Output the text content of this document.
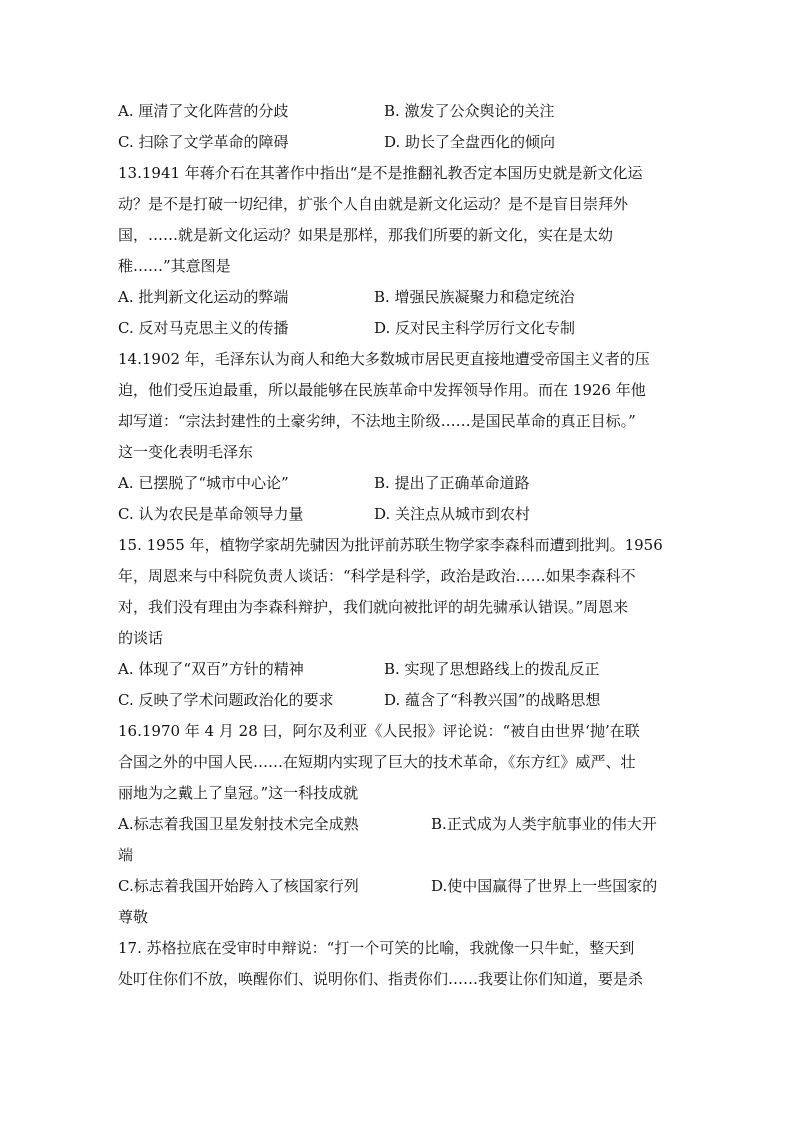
A. 厘清了文化阵营的分歧	B. 激发了公众舆论的关注
C. 扫除了文学革命的障碍	D. 助长了全盘西化的倾向
13.1941 年蒋介石在其著作中指出“是不是推翻礼教否定本国历史就是新文化运
动？是不是打破一切纪律，扩张个人自由就是新文化运动？是不是盲目崇拜外
国，……就是新文化运动？如果是那样，那我们所要的新文化，实在是太幼
稚……”其意图是
A. 批判新文化运动的弊端	B. 增强民族凝聚力和稳定统治
C. 反对马克思主义的传播	D. 反对民主科学厉行文化专制
14.1902 年，毛泽东认为商人和绝大多数城市居民更直接地遭受帝国主义者的压
迫，他们受压迫最重，所以最能够在民族革命中发挥领导作用。而在 1926 年他
却写道：“宗法封建性的土豪劣绅，不法地主阶级……是国民革命的真正目标。”
这一变化表明毛泽东
A. 已摆脱了“城市中心论”	B. 提出了正确革命道路
C. 认为农民是革命领导力量	D. 关注点从城市到农村
15. 1955 年，植物学家胡先骕因为批评前苏联生物学家李森科而遭到批判。1956
年，周恩来与中科院负责人谈话：“科学是科学，政治是政治……如果李森科不
对，我们没有理由为李森科辩护，我们就向被批评的胡先骕承认错误。”周恩来
的谈话
A. 体现了“双百”方针的精神	B. 实现了思想路线上的拨乱反正
C. 反映了学术问题政治化的要求	D. 蕴含了“科教兴国”的战略思想
16.1970 年 4 月 28 曰，阿尔及利亚《人民报》评论说：“被自由世界‘抛’在联
合国之外的中国人民……在短期内实现了巨大的技术革命，《东方红》威严、壮
丽地为之戴上了皇冠。”这一科技成就
A.标志着我国卫星发射技术完全成熟	B.正式成为人类宇航事业的伟大开
端
C.标志着我国开始跨入了核国家行列	D.使中国赢得了世界上一些国家的
尊敬
17. 苏格拉底在受审时申辩说：“打一个可笑的比喻，我就像一只牛虻，整天到
处叮住你们不放，唤醒你们、说明你们、指责你们……我要让你们知道，要是杀
